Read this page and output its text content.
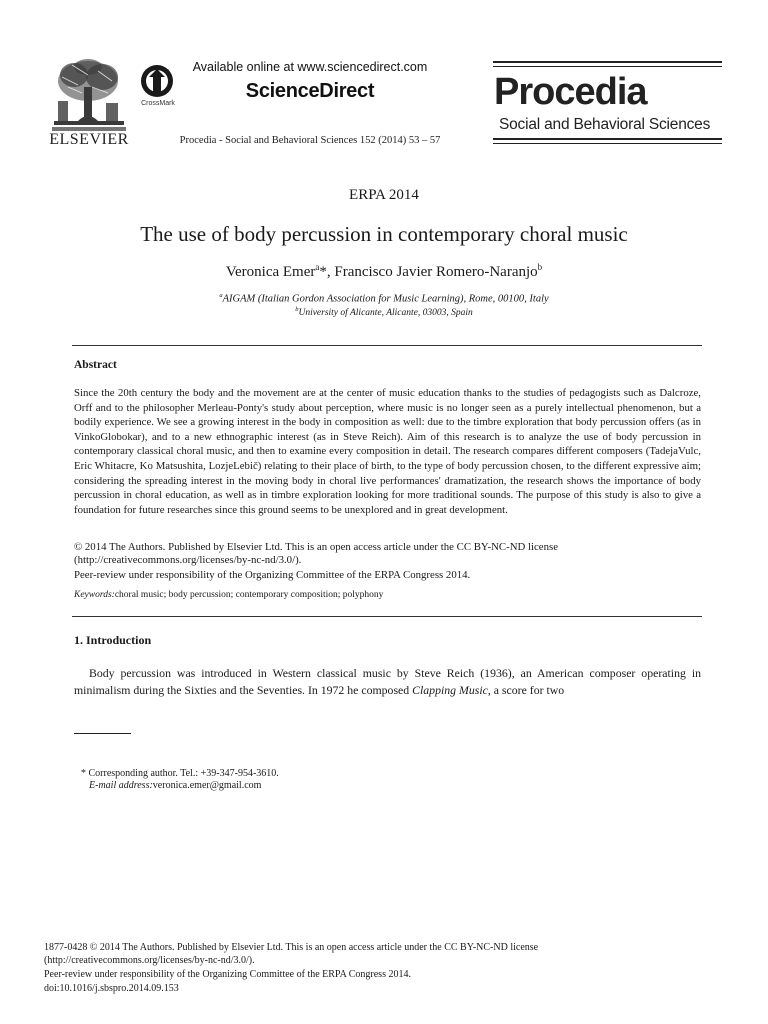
ELSEVIER
CrossMark
Available online at www.sciencedirect.com
ScienceDirect
Procedia - Social and Behavioral Sciences 152 (2014) 53 – 57
Procedia
Social and Behavioral Sciences
ERPA 2014
The use of body percussion in contemporary choral music
Veronica Emer$^a$*, Francisco Javier Romero-Naranjo$^b$
$^a$AIGAM (Italian Gordon Association for Music Learning), Rome, 00100, Italy
$^b$University of Alicante, Alicante, 03003, Spain
Abstract
Since the 20th century the body and the movement are at the center of music education thanks to the studies of pedagogists such as Dalcroze, Orff and to the philosopher Merleau-Ponty's study about perception, where music is no longer seen as a purely intellectual phenomenon, but a bodily experience. We see a growing interest in the body in composition as well: due to the timbre exploration that body percussion offers (as in VinkoGlobokar), and to a new ethnographic interest (as in Steve Reich). Aim of this research is to analyze the use of body percussion in contemporary classical choral music, and then to examine every composition in detail. The research compares different composers (TadejaVulc, Eric Whitacre, Ko Matsushita, LozjeLebič) relating to their place of birth, to the type of body percussion chosen, to the different expressive aim; considering the spreading interest in the moving body in choral live performances' dramatization, the research shows the importance of body percussion in choral education, as well as in timbre exploration looking for more traditional sounds. The purpose of this study is also to give a foundation for future researches since this ground seems to be unexplored and in great development.
© 2014 The Authors. Published by Elsevier Ltd. This is an open access article under the CC BY-NC-ND license
(http://creativecommons.org/licenses/by-nc-nd/3.0/).
Peer-review under responsibility of the Organizing Committee of the ERPA Congress 2014.
Keywords:choral music; body percussion; contemporary composition; polyphony
1. Introduction
Body percussion was introduced in Western classical music by Steve Reich (1936), an American composer operating in minimalism during the Sixties and the Seventies. In 1972 he composed Clapping Music, a score for two
* Corresponding author. Tel.: +39-347-954-3610.
E-mail address:veronica.emer@gmail.com
1877-0428 © 2014 The Authors. Published by Elsevier Ltd. This is an open access article under the CC BY-NC-ND license
(http://creativecommons.org/licenses/by-nc-nd/3.0/).
Peer-review under responsibility of the Organizing Committee of the ERPA Congress 2014.
doi:10.1016/j.sbspro.2014.09.153
